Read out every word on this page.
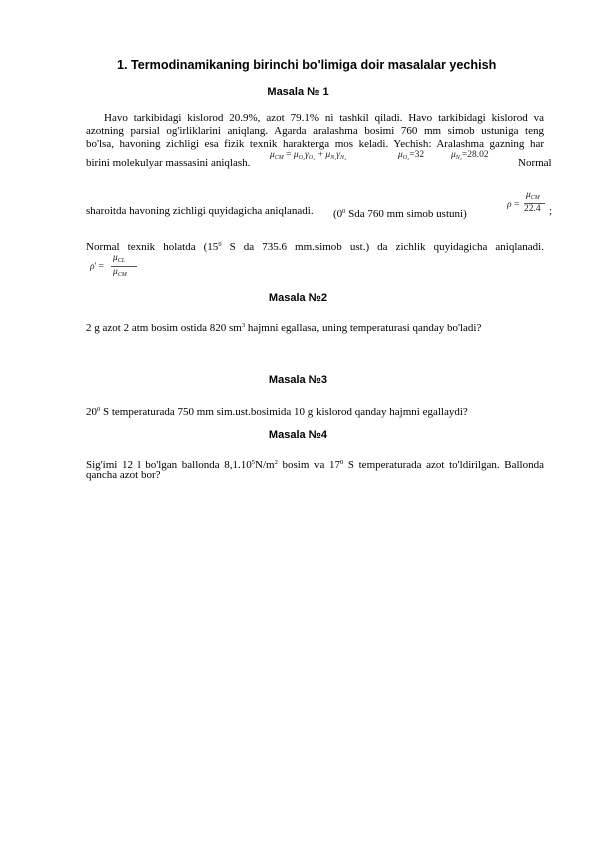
1. Termodinamikaning birinchi bo'limiga doir masalalar yechish
Masala № 1
Havo tarkibidagi kislorod 20.9%, azot 79.1% ni tashkil qiladi. Havo tarkibidagi kislorod va
azotning parsial og'irliklarini aniqlang. Agarda aralashma bosimi 760 mm simob ustuniga teng
bo'lsa, havoning zichligi esa fizik texnik harakterga mos keladi. Yechish: Aralashma gazning har
birini molekulyar massasini aniqlash.
$\mu_{CM} = \mu_{O_2}\gamma_{O_2} + \mu_{N_2}\gamma_{N_2}$	$\mu_{O_2}=32$	$\mu_{N_2}=28.02$
Normal
sharoitda havoning zichligi quyidagicha aniqlanadi. ($0^0$ Sda 760 mm simob ustuni)
ρ =
$\mu_{CM}$
22.4 ;
Normal texnik holatda ($15^0$ S da 735.6 mm.simob ust.) da zichlik quyidagicha aniqlanadi.
ρ' =
$\mu_{CL}$
$\mu_{CM}$
Masala №2
2 g azot 2 atm bosim ostida 820 $sm^3$ hajmni egallasa, uning temperaturasi qanday bo'ladi?
Masala №3
$20^0$ S temperaturada 750 mm sim.ust.bosimida 10 g kislorod qanday hajmni egallaydi?
Masala №4
Sig'imi 12 l bo'lgan ballonda $8,1.10^5N/m^2$ bosim va $17^0$ S temperaturada azot to'ldirilgan. Ballonda
qancha azot bor?
